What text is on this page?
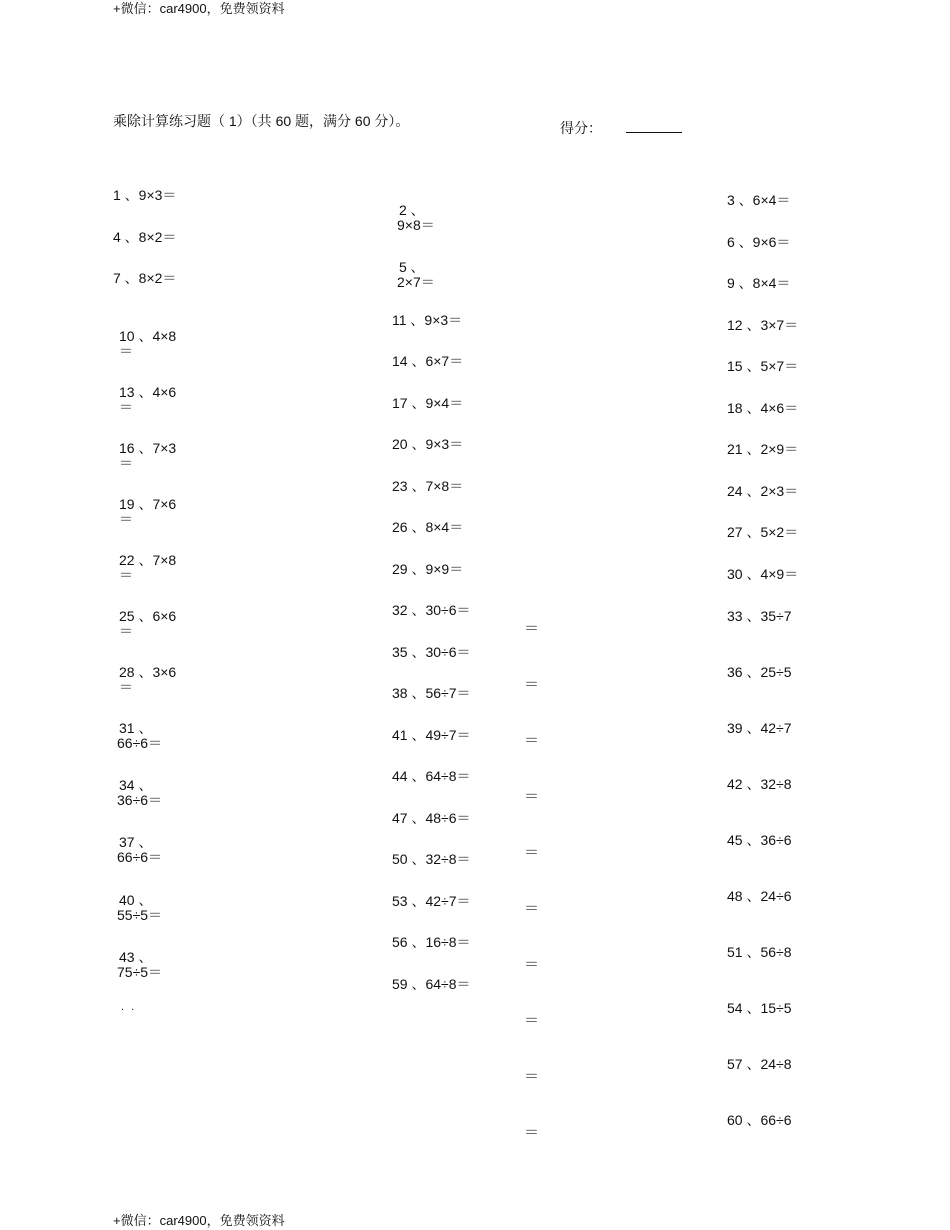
+微信：car4900，免费领资料
+微信：car4900，免费领资料
乘除计算练习题（ 1）（共 60 题，满分 60 分）。	得分：
1 、9×3＝
4 、8×2＝
7 、8×2＝
10 、4×8
＝
13 、4×6
＝
16 、7×3
＝
19 、7×6
＝
22 、7×8
＝
25 、6×6
＝
28 、3×6
＝
31 、
66÷6＝
34 、
36÷6＝
37 、
66÷6＝
40 、
55÷5＝
43 、
75÷5＝
. .
2 、
9×8＝
5 、
2×7＝
11 、9×3＝
14 、6×7＝
17 、9×4＝
20 、9×3＝
23 、7×8＝
26 、8×4＝
29 、9×9＝
32 、30÷6＝
35 、30÷6＝
38 、56÷7＝
41 、49÷7＝
44 、64÷8＝
47 、48÷6＝
50 、32÷8＝
53 、42÷7＝
56 、16÷8＝
59 、64÷8＝
＝
＝
＝
＝
＝
＝
＝
＝
＝
＝
3 、6×4＝
6 、9×6＝
9 、8×4＝
12 、3×7＝
15 、5×7＝
18 、4×6＝
21 、2×9＝
24 、2×3＝
27 、5×2＝
30 、4×9＝
33 、35÷7
36 、25÷5
39 、42÷7
42 、32÷8
45 、36÷6
48 、24÷6
51 、56÷8
54 、15÷5
57 、24÷8
60 、66÷6
